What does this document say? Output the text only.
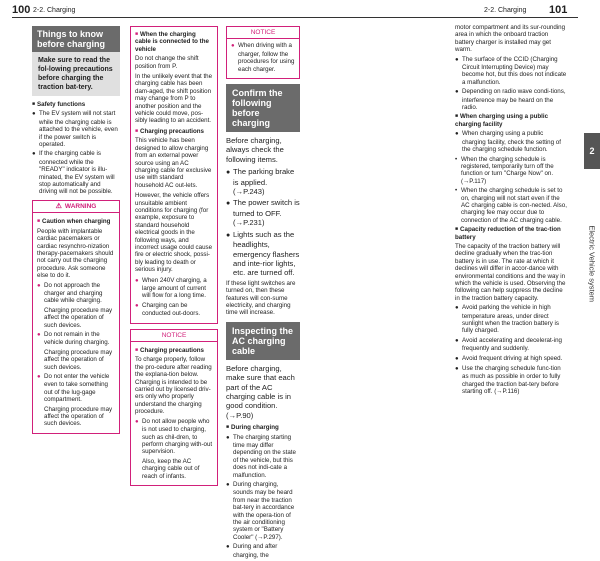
100 2-2. Charging
Things to know before charging
Make sure to read the fol-lowing precautions before charging the traction bat-tery.
■ Safety functions
● The EV system will not start while the charging cable is attached to the vehicle, even if the power switch is operated.
● If the charging cable is connected while the "READY" indicator is illu-minated, the EV system will stop automatically and driving will not be possible.
⚠ WARNING
■ Caution when charging

People with implantable cardiac pacemakers or cardiac resynchro-nization therapy-pacemakers should not carry out the charging procedure. Ask someone else to do it.

● Do not approach the charger and charging cable while charging.
Charging procedure may affect the operation of such devices.
● Do not remain in the vehicle during charging.
Charging procedure may affect the operation of such devices.
● Do not enter the vehicle even to take something out of the lug-gage compartment.
Charging procedure may affect the operation of such devices.
■ When the charging cable is connected to the vehicle

Do not change the shift position from P.

In the unlikely event that the charging cable has been dam-aged, the shift position may change from P to another position and the vehicle could move, pos-sibly leading to an accident.

■ Charging precautions

This vehicle has been designed to allow charging from an external power source using an AC charging cable for exclusive use with standard household AC out-lets.

However, the vehicle offers unsuitable ambient conditions for charging (for example, exposure to standard household electrical goods in the following ways, and incorrect usage could cause fire or electric shock, possi-bly leading to death or serious injury.

● When 240V charging, a large amount of current will flow for a long time.
● Charging can be conducted out-doors.
NOTICE
■ Charging precautions

To charge properly, follow the pro-cedure after reading the explana-tion below. Charging is intended to be carried out by licensed driv-ers only who properly understand the charging procedure.

● Do not allow people who is not used to charging, such as chil-dren, to perform charging with-out supervision.
Also, keep the AC charging cable out of reach of infants.
NOTICE
● When driving with a charger, follow the procedures for using each charger.
Confirm the following before charging

Before charging, always check the following items.

● The parking brake is applied. (→P.243)
● The power switch is turned to OFF. (→P.231)
● Lights such as the headlights, emergency flashers and inte-rior lights, etc. are turned off.

If these light switches are turned on, then these features will con-sume electricity, and charging time will increase.

Inspecting the AC charging cable

Before charging, make sure that each part of the AC charging cable is in good condition. (→P.90)

■ During charging
● The charging starting time may differ depending on the state of the vehicle, but this does not indi-cate a malfunction.
● During charging, sounds may be heard from near the traction bat-tery in accordance with the opera-tion of the air conditioning system or "Battery Cooler" (→P.297).
● During and after charging, the
2-2. Charging 101

motor compartment and its sur-rounding area in which the onboard traction battery charger is installed may get warm.

● The surface of the CCID (Charging Circuit Interrupting Device) may become hot, but this does not indicate a malfunction.
● Depending on radio wave condi-tions, interference may be heard on the radio.
■ When charging using a public charging facility
● When charging using a public charging facility, check the setting of the charging schedule function.
• When the charging schedule is registered, temporarily turn off the function or turn "Charge Now" on. (→P.117)
• When the charging schedule is set to on, charging will not start even if the AC charging cable is con-nected. Also, charging fee may occur due to connection of the AC charging cable.
■ Capacity reduction of the trac-tion battery

The capacity of the traction battery will decline gradually when the trac-tion battery is in use. The rate at which it declines will differ in accor-dance with environmental conditions and the way in which the vehicle is used. Observing the following can help suppress the decline in the traction battery capacity.

● Avoid parking the vehicle in high temperature areas, under direct sunlight when the traction battery is fully charged.
● Avoid accelerating and decelerat-ing frequently and suddenly.
● Avoid frequent driving at high speed.
● Use the charging schedule func-tion as much as possible in order to fully charged the traction bat-tery before starting off. (→P.116)
2
Electric Vehicle system
